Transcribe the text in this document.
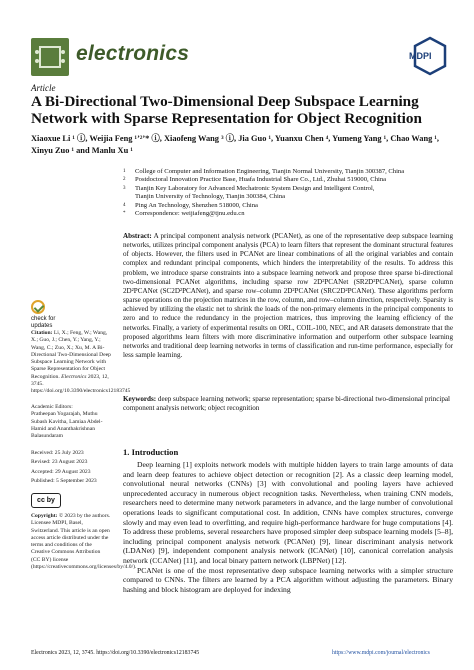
electronics	MDPI
Article
A Bi-Directional Two-Dimensional Deep Subspace Learning Network with Sparse Representation for Object Recognition
Xiaoxue Li ¹ ⓘ, Weijia Feng ¹ʼ²ʼ* ⓘ, Xiaofeng Wang ³ ⓘ, Jia Guo ¹, Yuanxu Chen ⁴, Yumeng Yang ¹, Chao Wang ¹,
Xinyu Zuo ¹ and Manlu Xu ¹
1	College of Computer and Information Engineering, Tianjin Normal University, Tianjin 300387, China
2	Postdoctoral Innovation Practice Base, Huafa Industrial Share Co., Ltd., Zhuhai 519000, China
3	Tianjin Key Laboratory for Advanced Mechatronic System Design and Intelligent Control,
Tianjin University of Technology, Tianjin 300384, China
4	Ping An Technology, Shenzhen 518000, China
*	Correspondence: weijiafeng@tjnu.edu.cn
Abstract: A principal component analysis network (PCANet), as one of the representative deep subspace learning networks, utilizes principal component analysis (PCA) to learn filters that represent the dominant structural features of objects. However, the filters used in PCANet are linear combinations of all the original variables and contain complex and redundant principal components, which hinders the interpretability of the results. To address this problem, we introduce sparse constraints into a subspace learning network and propose three sparse bi-directional two-dimensional PCANet algorithms, including sparse row 2D²PCANet (SR2D²PCANet), sparse column 2D²PCANet (SC2D²PCANet), and sparse row–column 2D²PCANet (SRC2D²PCANet). These algorithms perform sparse operations on the projection matrices in the row, column, and row–column direction, respectively. Sparsity is achieved by utilizing the elastic net to shrink the loads of the non-primary elements in the principal components to zero and to reduce the redundancy in the projection matrices, thus improving the learning efficiency of the networks. Finally, a variety of experimental results on ORL, COIL-100, NEC, and AR datasets demonstrate that the proposed algorithms learn filters with more discriminative information and outperform other subspace learning networks and traditional deep learning networks in terms of classification and run-time performance, especially for less sample learning.
Keywords: deep subspace learning network; sparse representation; sparse bi-directional two-dimensional principal component analysis network; object recognition
check for
updates
Citation: Li, X.; Feng, W.; Wang, X.; Guo, J.; Chen, Y.; Yang, Y.; Wang, C.; Zuo, X.; Xu, M. A Bi-Directional Two-Dimensional Deep Subspace Learning Network with Sparse Representation for Object Recognition. Electronics 2023, 12, 3745. https://doi.org/10.3390/electronics12183745
Academic Editors:
Pratheepan Yogarajah, Muthu Subash Kavitha, Lamiaa Abdel-Hamid and Ananthakrishnan Balasundaram
Received: 25 July 2023
Revised: 23 August 2023
Accepted: 29 August 2023
Published: 5 September 2023
cc by
Copyright: © 2023 by the authors. Licensee MDPI, Basel, Switzerland. This article is an open access article distributed under the terms and conditions of the Creative Commons Attribution (CC BY) license (https://creativecommons.org/licenses/by/4.0/).
1. Introduction

Deep learning [1] exploits network models with multiple hidden layers to train large amounts of data and learn deep features to achieve object detection or recognition [2]. As a classic deep learning model, convolutional neural networks (CNNs) [3] with convolutional and pooling layers have achieved unprecedented accuracy in numerous object recognition tasks. Nevertheless, when training CNN models, researchers need to determine many network parameters in advance, and the large number of convolutional operations leads to significant computational cost. In addition, CNNs have complex structures, converge slowly and may even lead to overfitting, and require high-performance hardware for huge computations [4]. To address these problems, several researchers have proposed simpler deep subspace learning models [5–8], including principal component analysis network (PCANet) [9], linear discriminant analysis network (LDANet) [9], independent component analysis network (ICANet) [10], canonical correlation analysis network (CCANet) [11], and local binary pattern network (LBPNet) [12].

PCANet is one of the most representative deep subspace learning networks with a simpler structure compared to CNNs. The filters are learned by a PCA algorithm without adjusting the parameters. Binary hashing and block histogram are deployed for indexing

Electronics 2023, 12, 3745. https://doi.org/10.3390/electronics12183745	https://www.mdpi.com/journal/electronics
